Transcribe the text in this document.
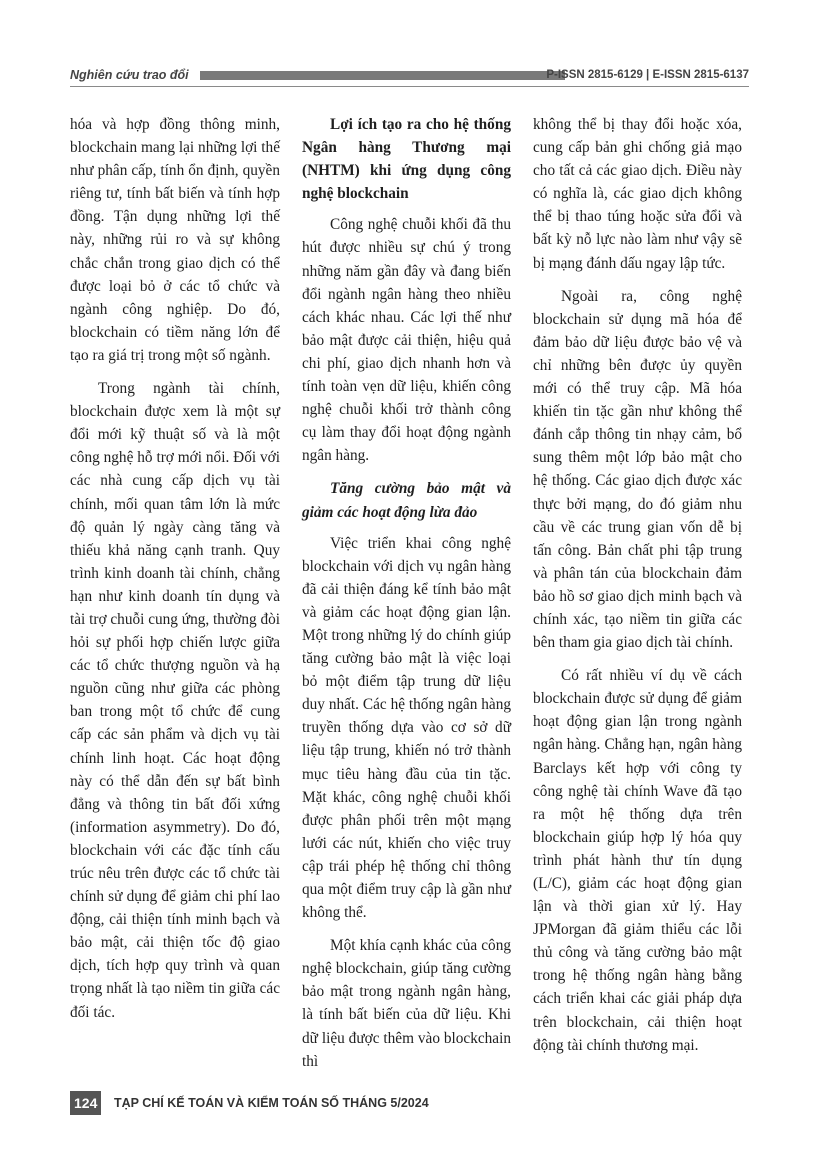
Nghiên cứu trao đổi	P-ISSN 2815-6129 | E-ISSN 2815-6137

hóa và hợp đồng thông minh, blockchain mang lại những lợi thế như phân cấp, tính ổn định, quyền riêng tư, tính bất biến và tính hợp đồng. Tận dụng những lợi thế này, những rủi ro và sự không chắc chắn trong giao dịch có thể được loại bỏ ở các tổ chức và ngành công nghiệp. Do đó, blockchain có tiềm năng lớn để tạo ra giá trị trong một số ngành.

Trong ngành tài chính, blockchain được xem là một sự đổi mới kỹ thuật số và là một công nghệ hỗ trợ mới nổi. Đối với các nhà cung cấp dịch vụ tài chính, mối quan tâm lớn là mức độ quản lý ngày càng tăng và thiếu khả năng cạnh tranh. Quy trình kinh doanh tài chính, chẳng hạn như kinh doanh tín dụng và tài trợ chuỗi cung ứng, thường đòi hỏi sự phối hợp chiến lược giữa các tổ chức thượng nguồn và hạ nguồn cũng như giữa các phòng ban trong một tổ chức để cung cấp các sản phẩm và dịch vụ tài chính linh hoạt. Các hoạt động này có thể dẫn đến sự bất bình đẳng và thông tin bất đối xứng (information asymmetry). Do đó, blockchain với các đặc tính cấu trúc nêu trên được các tổ chức tài chính sử dụng để giảm chi phí lao động, cải thiện tính minh bạch và bảo mật, cải thiện tốc độ giao dịch, tích hợp quy trình và quan trọng nhất là tạo niềm tin giữa các đối tác.

Lợi ích tạo ra cho hệ thống Ngân hàng Thương mại (NHTM) khi ứng dụng công nghệ blockchain

Công nghệ chuỗi khối đã thu hút được nhiều sự chú ý trong những năm gần đây và đang biến đổi ngành ngân hàng theo nhiều cách khác nhau. Các lợi thế như bảo mật được cải thiện, hiệu quả chi phí, giao dịch nhanh hơn và tính toàn vẹn dữ liệu, khiến công nghệ chuỗi khối trở thành công cụ làm thay đổi hoạt động ngành ngân hàng.

Tăng cường bảo mật và giảm các hoạt động lừa đảo

Việc triển khai công nghệ blockchain với dịch vụ ngân hàng đã cải thiện đáng kể tính bảo mật và giảm các hoạt động gian lận. Một trong những lý do chính giúp tăng cường bảo mật là việc loại bỏ một điểm tập trung dữ liệu duy nhất. Các hệ thống ngân hàng truyền thống dựa vào cơ sở dữ liệu tập trung, khiến nó trở thành mục tiêu hàng đầu của tin tặc. Mặt khác, công nghệ chuỗi khối được phân phối trên một mạng lưới các nút, khiến cho việc truy cập trái phép hệ thống chỉ thông qua một điểm truy cập là gần như không thể.

Một khía cạnh khác của công nghệ blockchain, giúp tăng cường bảo mật trong ngành ngân hàng, là tính bất biến của dữ liệu. Khi dữ liệu được thêm vào blockchain thì

không thể bị thay đổi hoặc xóa, cung cấp bản ghi chống giả mạo cho tất cả các giao dịch. Điều này có nghĩa là, các giao dịch không thể bị thao túng hoặc sửa đổi và bất kỳ nỗ lực nào làm như vậy sẽ bị mạng đánh dấu ngay lập tức.

Ngoài ra, công nghệ blockchain sử dụng mã hóa để đảm bảo dữ liệu được bảo vệ và chỉ những bên được ủy quyền mới có thể truy cập. Mã hóa khiến tin tặc gần như không thể đánh cắp thông tin nhạy cảm, bổ sung thêm một lớp bảo mật cho hệ thống. Các giao dịch được xác thực bởi mạng, do đó giảm nhu cầu về các trung gian vốn dễ bị tấn công. Bản chất phi tập trung và phân tán của blockchain đảm bảo hồ sơ giao dịch minh bạch và chính xác, tạo niềm tin giữa các bên tham gia giao dịch tài chính.

Có rất nhiều ví dụ về cách blockchain được sử dụng để giảm hoạt động gian lận trong ngành ngân hàng. Chẳng hạn, ngân hàng Barclays kết hợp với công ty công nghệ tài chính Wave đã tạo ra một hệ thống dựa trên blockchain giúp hợp lý hóa quy trình phát hành thư tín dụng (L/C), giảm các hoạt động gian lận và thời gian xử lý. Hay JPMorgan đã giảm thiểu các lỗi thủ công và tăng cường bảo mật trong hệ thống ngân hàng bằng cách triển khai các giải pháp dựa trên blockchain, cải thiện hoạt động tài chính thương mại.

124	TẠP CHÍ KẾ TOÁN VÀ KIỂM TOÁN SỐ THÁNG 5/2024
